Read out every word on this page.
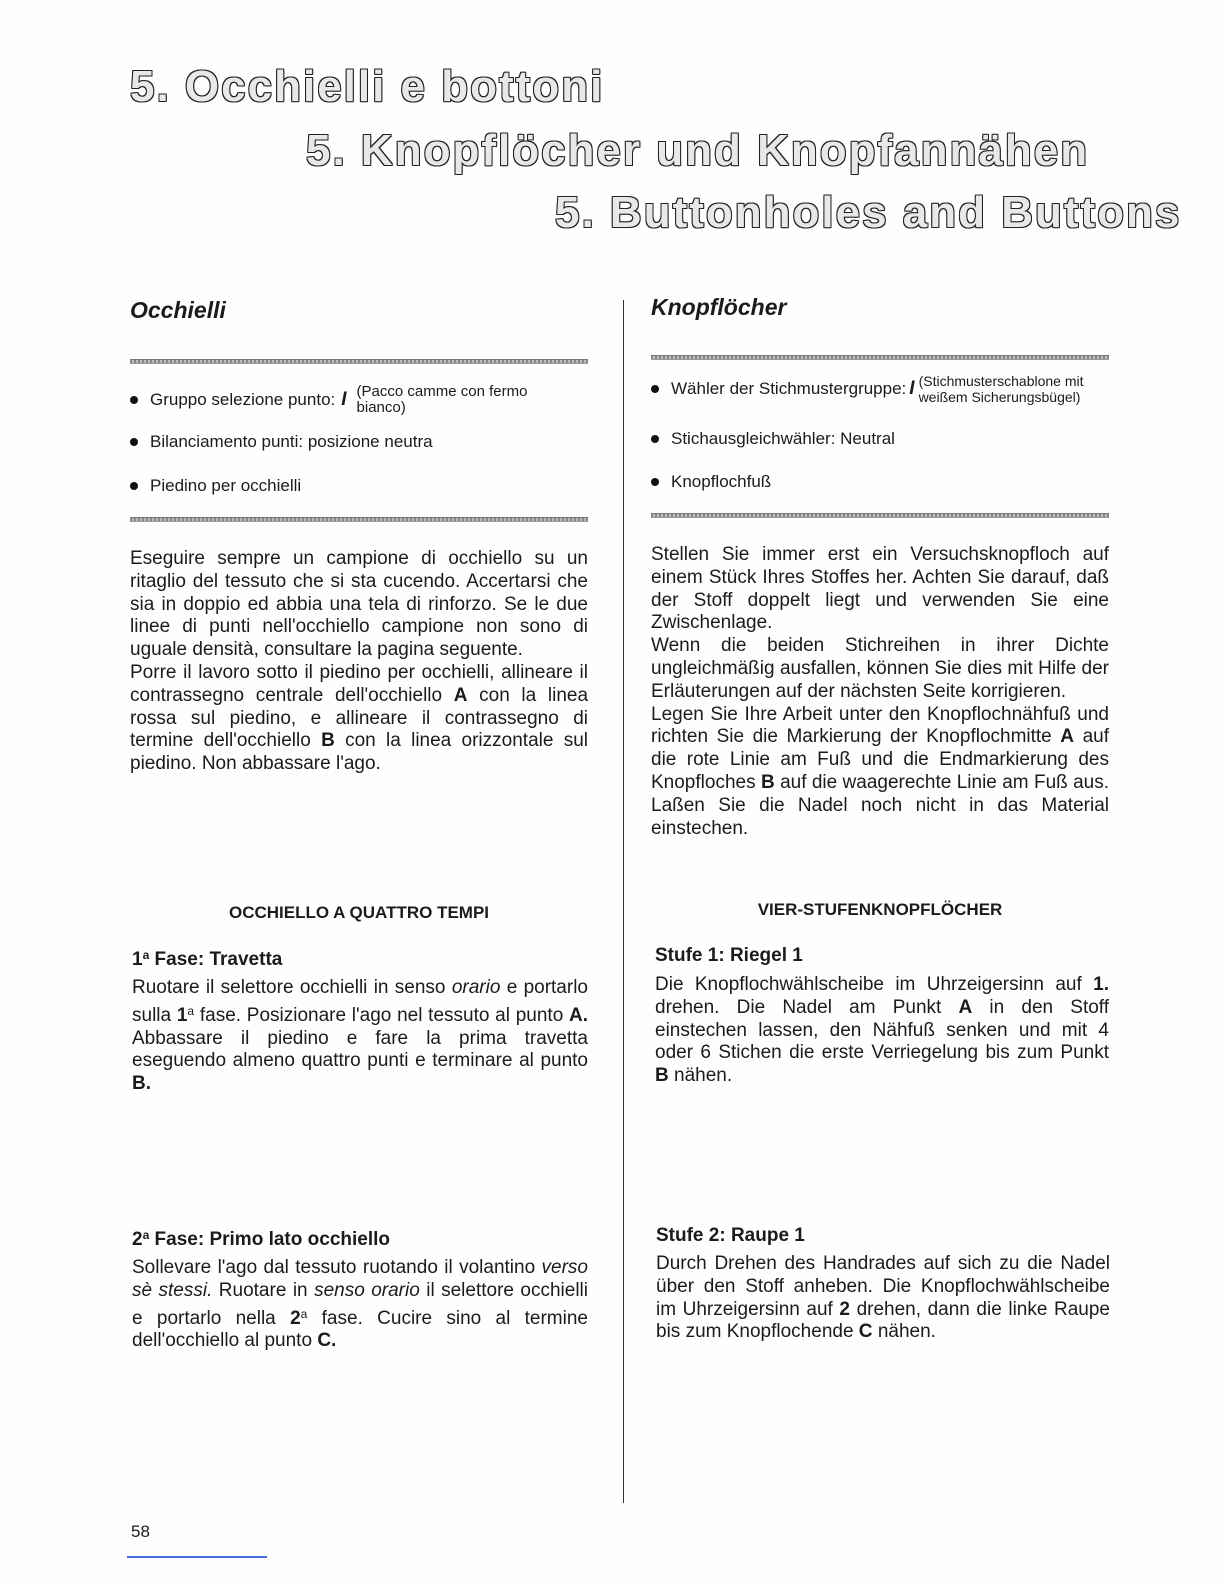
5. Occhielli e bottoni
5. Knopflöcher und Knopfannähen
5. Buttonholes and Buttons
Occhielli
Gruppo selezione punto: I (Pacco camme con fermo bianco)
Bilanciamento punti: posizione neutra
Piedino per occhielli

Eseguire sempre un campione di occhiello su un ritaglio del tessuto che si sta cucendo. Accertarsi che sia in doppio ed abbia una tela di rinforzo. Se le due linee di punti nell'occhiello campione non sono di uguale densità, consultare la pagina seguente.

Porre il lavoro sotto il piedino per occhielli, allineare il contrassegno centrale dell'occhiello A con la linea rossa sul piedino, e allineare il contrassegno di termine dell'occhiello B con la linea orizzontale sul piedino. Non abbassare l'ago.

OCCHIELLO A QUATTRO TEMPI
1$^a$ Fase: Travetta

Ruotare il selettore occhielli in senso orario e portarlo sulla 1$^a$ fase. Posizionare l'ago nel tessuto al punto A. Abbassare il piedino e fare la prima travetta eseguendo almeno quattro punti e terminare al punto B.

2$^a$ Fase: Primo lato occhiello

Sollevare l'ago dal tessuto ruotando il volantino verso sè stessi. Ruotare in senso orario il selettore occhielli e portarlo nella 2$^a$ fase. Cucire sino al termine dell'occhiello al punto C.

Knopflöcher
Wähler der Stichmustergruppe: I (Stichmusterschablone mit weißem Sicherungsbügel)
Stichausgleichwähler: Neutral
Knopflochfuß

Stellen Sie immer erst ein Versuchsknopfloch auf einem Stück Ihres Stoffes her. Achten Sie darauf, daß der Stoff doppelt liegt und verwenden Sie eine Zwischenlage.

Wenn die beiden Stichreihen in ihrer Dichte ungleichmäßig ausfallen, können Sie dies mit Hilfe der Erläuterungen auf der nächsten Seite korrigieren.

Legen Sie Ihre Arbeit unter den Knopflochnähfuß und richten Sie die Markierung der Knopflochmitte A auf die rote Linie am Fuß und die Endmarkierung des Knopfloches B auf die waagerechte Linie am Fuß aus. Laßen Sie die Nadel noch nicht in das Material einstechen.

VIER-STUFENKNOPFLÖCHER
Stufe 1: Riegel 1

Die Knopflochwählscheibe im Uhrzeigersinn auf 1. drehen. Die Nadel am Punkt A in den Stoff einstechen lassen, den Nähfuß senken und mit 4 oder 6 Stichen die erste Verriegelung bis zum Punkt B nähen.

Stufe 2: Raupe 1

Durch Drehen des Handrades auf sich zu die Nadel über den Stoff anheben. Die Knopflochwählscheibe im Uhrzeigersinn auf 2 drehen, dann die linke Raupe bis zum Knopflochende C nähen.

58
